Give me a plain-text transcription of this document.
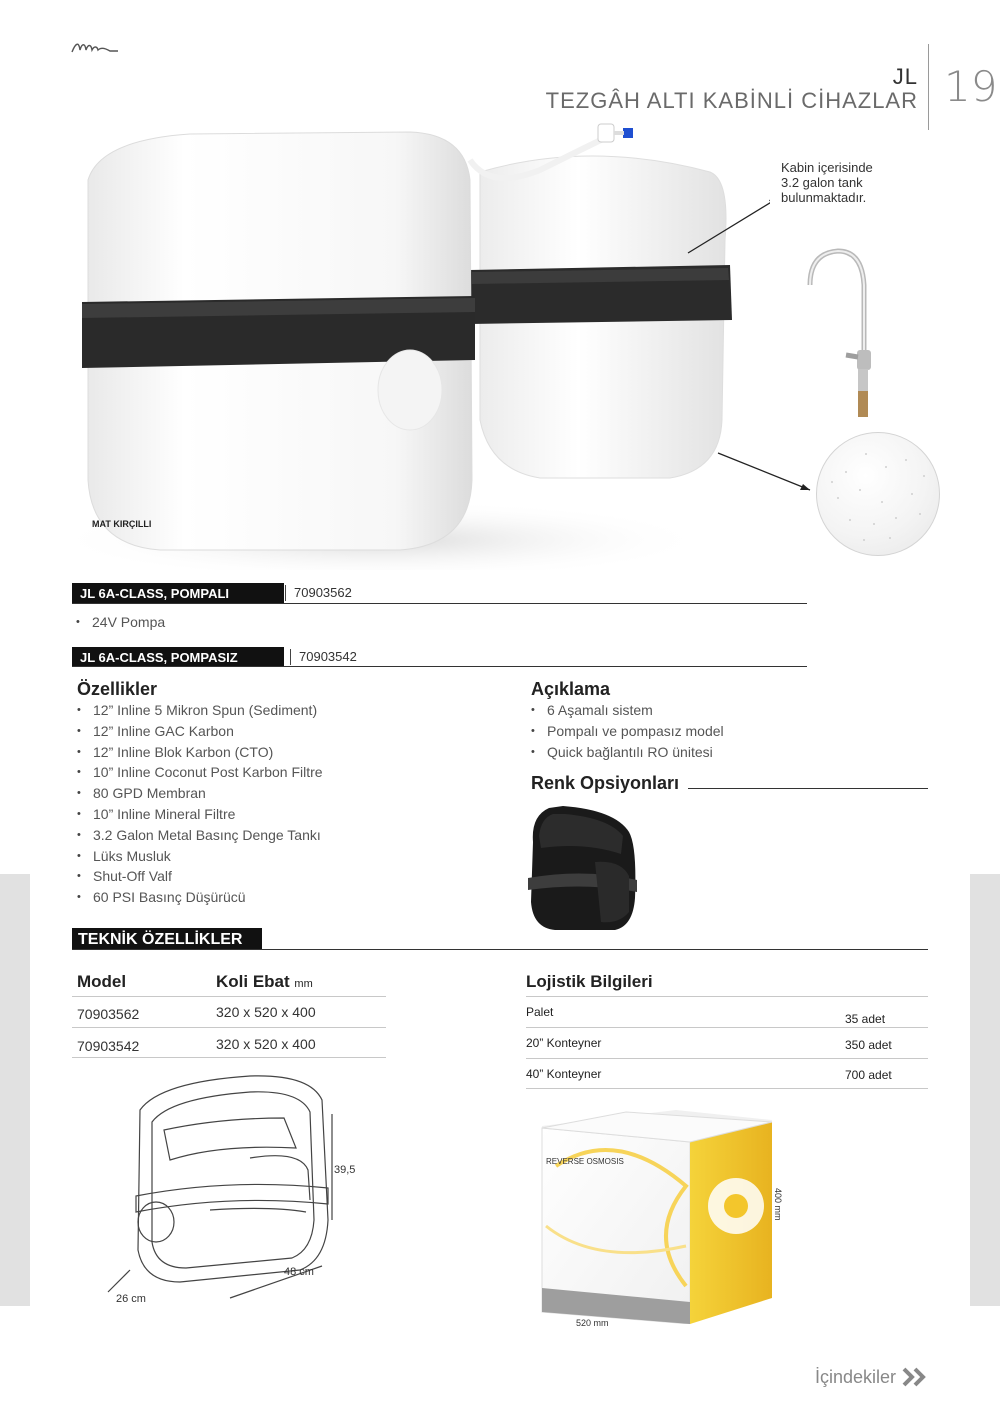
JL
TEZGÂH ALTI KABİNLİ CİHAZLAR 19
Kabin içerisinde
3.2 galon tank
bulunmaktadır.
MAT KIRÇILLI
JL 6A-CLASS, POMPALI	70903562
• 24V Pompa
JL 6A-CLASS, POMPASIZ	70903542
Özellikler
• 12” Inline 5 Mikron Spun (Sediment)
• 12” Inline GAC Karbon
• 12” Inline Blok Karbon (CTO)
• 10” Inline Coconut Post Karbon Filtre
• 80 GPD Membran
• 10” Inline Mineral Filtre
• 3.2 Galon Metal Basınç Denge Tankı
• Lüks Musluk
• Shut-Off Valf
• 60 PSI Basınç Düşürücü
Açıklama
• 6 Aşamalı sistem
• Pompalı ve pompasız model
• Quick bağlantılı RO ünitesi
Renk Opsiyonları
TEKNİK ÖZELLİKLER
Model	Koli Ebat mm
70903562	320 x 520 x 400
70903542	320 x 520 x 400
Lojistik Bilgileri
Palet	35 adet
20” Konteyner	350 adet
40” Konteyner	700 adet
39,5
48 cm
26 cm
REVERSE OSMOSIS
400 mm
520 mm
İçindekiler
